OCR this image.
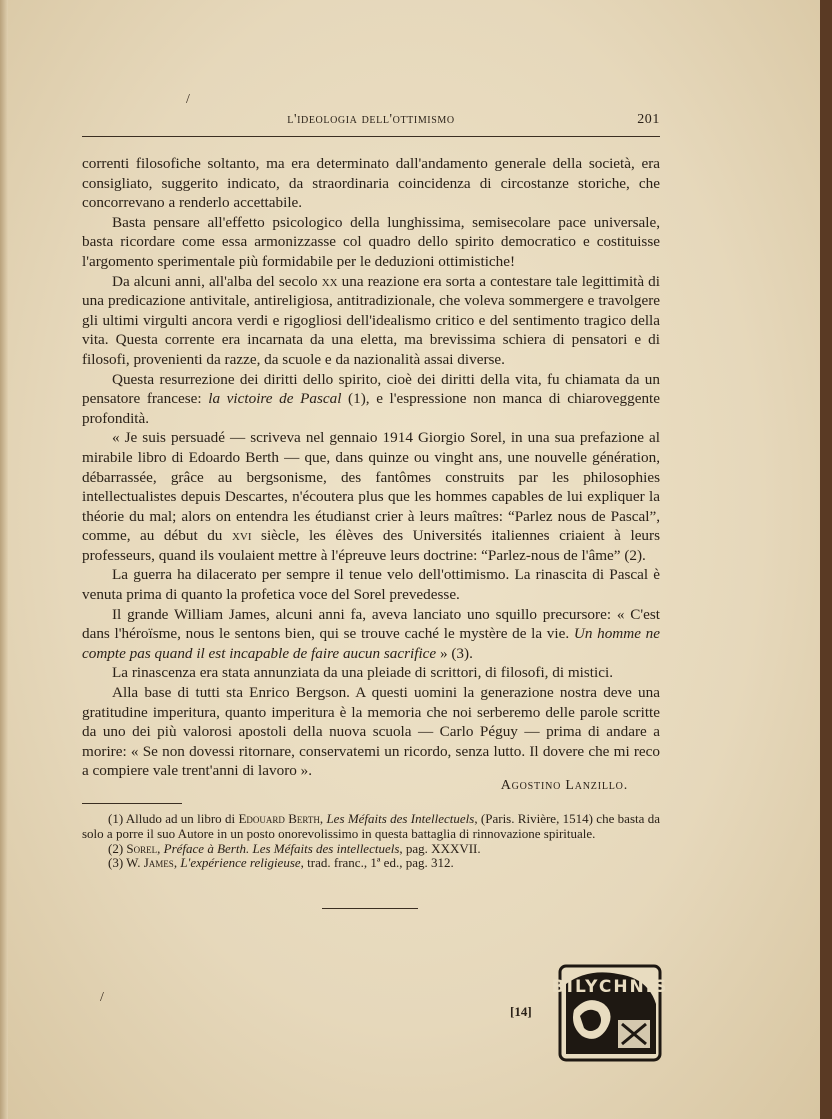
/
/
l'ideologia dell'ottimismo	201

correnti filosofiche soltanto, ma era determinato dall'andamento generale della società, era consigliato, suggerito indicato, da straordinaria coincidenza di circostanze storiche, che concorrevano a renderlo accettabile.

Basta pensare all'effetto psicologico della lunghissima, semisecolare pace universale, basta ricordare come essa armonizzasse col quadro dello spirito democratico e costituisse l'argomento sperimentale più formidabile per le deduzioni ottimistiche!

Da alcuni anni, all'alba del secolo xx una reazione era sorta a contestare tale legittimità di una predicazione antivitale, antireligiosa, antitradizionale, che voleva sommergere e travolgere gli ultimi virgulti ancora verdi e rigogliosi dell'idealismo critico e del sentimento tragico della vita. Questa corrente era incarnata da una eletta, ma brevissima schiera di pensatori e di filosofi, provenienti da razze, da scuole e da nazionalità assai diverse.

Questa resurrezione dei diritti dello spirito, cioè dei diritti della vita, fu chiamata da un pensatore francese: la victoire de Pascal (1), e l'espressione non manca di chiaroveggente profondità.

« Je suis persuadé — scriveva nel gennaio 1914 Giorgio Sorel, in una sua prefazione al mirabile libro di Edoardo Berth — que, dans quinze ou vinght ans, une nouvelle génération, débarrassée, grâce au bergsonisme, des fantômes construits par les philosophies intellectualistes depuis Descartes, n'écoutera plus que les hommes capables de lui expliquer la théorie du mal; alors on entendra les étudianst crier à leurs maîtres: “Parlez nous de Pascal”, comme, au début du xvi siècle, les élèves des Universités italiennes criaient à leurs professeurs, quand ils voulaient mettre à l'épreuve leurs doctrine: “Parlez-nous de l'âme” (2).

La guerra ha dilacerato per sempre il tenue velo dell'ottimismo. La rinascita di Pascal è venuta prima di quanto la profetica voce del Sorel prevedesse.

Il grande William James, alcuni anni fa, aveva lanciato uno squillo precursore: « C'est dans l'héroïsme, nous le sentons bien, qui se trouve caché le mystère de la vie. Un homme ne compte pas quand il est incapable de faire aucun sacrifice » (3).

La rinascenza era stata annunziata da una pleiade di scrittori, di filosofi, di mistici.

Alla base di tutti sta Enrico Bergson. A questi uomini la generazione nostra deve una gratitudine imperitura, quanto imperitura è la memoria che noi serberemo delle parole scritte da uno dei più valorosi apostoli della nuova scuola — Carlo Péguy — prima di andare a morire: « Se non dovessi ritornare, conservatemi un ricordo, senza lutto. Il dovere che mi reco a compiere vale trent'anni di lavoro ».

Agostino Lanzillo.

(1) Alludo ad un libro di Edouard Berth, Les Méfaits des Intellectuels, (Paris. Rivière, 1514) che basta da solo a porre il suo Autore in un posto onorevolissimo in questa battaglia di rinnovazione spirituale.

(2) Sorel, Préface à Berth. Les Méfaits des intellectuels, pag. XXXVII.

(3) W. James, L'expérience religieuse, trad. franc., 1ª ed., pag. 312.

[14]
BILYCHNIS
